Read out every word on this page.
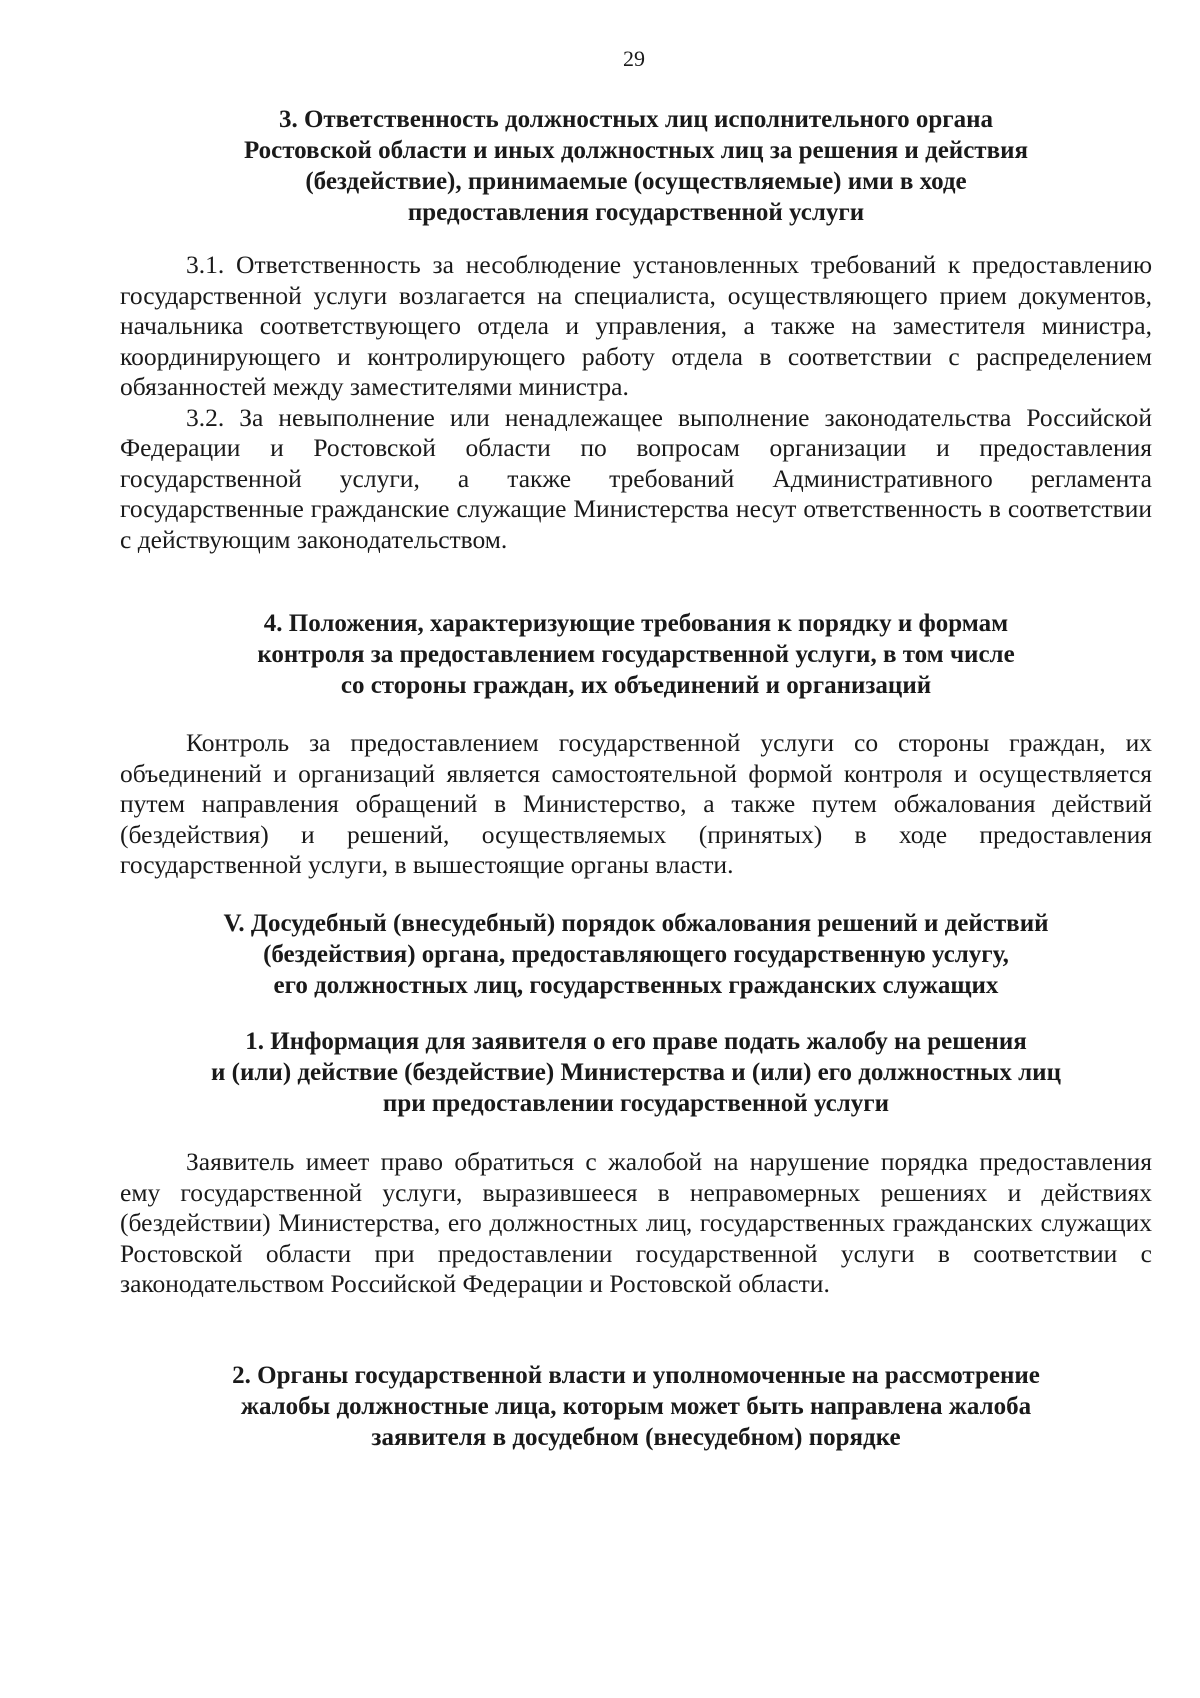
29
3. Ответственность должностных лиц исполнительного органа
Ростовской области и иных должностных лиц за решения и действия
(бездействие), принимаемые (осуществляемые) ими в ходе
предоставления государственной услуги

3.1. Ответственность за несоблюдение установленных требований к предоставлению государственной услуги возлагается на специалиста, осуществляющего прием документов, начальника соответствующего отдела и управления, а также на заместителя министра, координирующего и контролирующего работу отдела в соответствии с распределением обязанностей между заместителями министра.

3.2. За невыполнение или ненадлежащее выполнение законодательства Российской Федерации и Ростовской области по вопросам организации и предоставления государственной услуги, а также требований Административного регламента государственные гражданские служащие Министерства несут ответственность в соответствии с действующим законодательством.

4. Положения, характеризующие требования к порядку и формам
контроля за предоставлением государственной услуги, в том числе
со стороны граждан, их объединений и организаций

Контроль за предоставлением государственной услуги со стороны граждан, их объединений и организаций является самостоятельной формой контроля и осуществляется путем направления обращений в Министерство, а также путем обжалования действий (бездействия) и решений, осуществляемых (принятых) в ходе предоставления государственной услуги, в вышестоящие органы власти.

V. Досудебный (внесудебный) порядок обжалования решений и действий
(бездействия) органа, предоставляющего государственную услугу,
его должностных лиц, государственных гражданских служащих
1. Информация для заявителя о его праве подать жалобу на решения
и (или) действие (бездействие) Министерства и (или) его должностных лиц
при предоставлении государственной услуги

Заявитель имеет право обратиться с жалобой на нарушение порядка предоставления ему государственной услуги, выразившееся в неправомерных решениях и действиях (бездействии) Министерства, его должностных лиц, государственных гражданских служащих Ростовской области при предоставлении государственной услуги в соответствии с законодательством Российской Федерации и Ростовской области.

2. Органы государственной власти и уполномоченные на рассмотрение
жалобы должностные лица, которым может быть направлена жалоба
заявителя в досудебном (внесудебном) порядке
